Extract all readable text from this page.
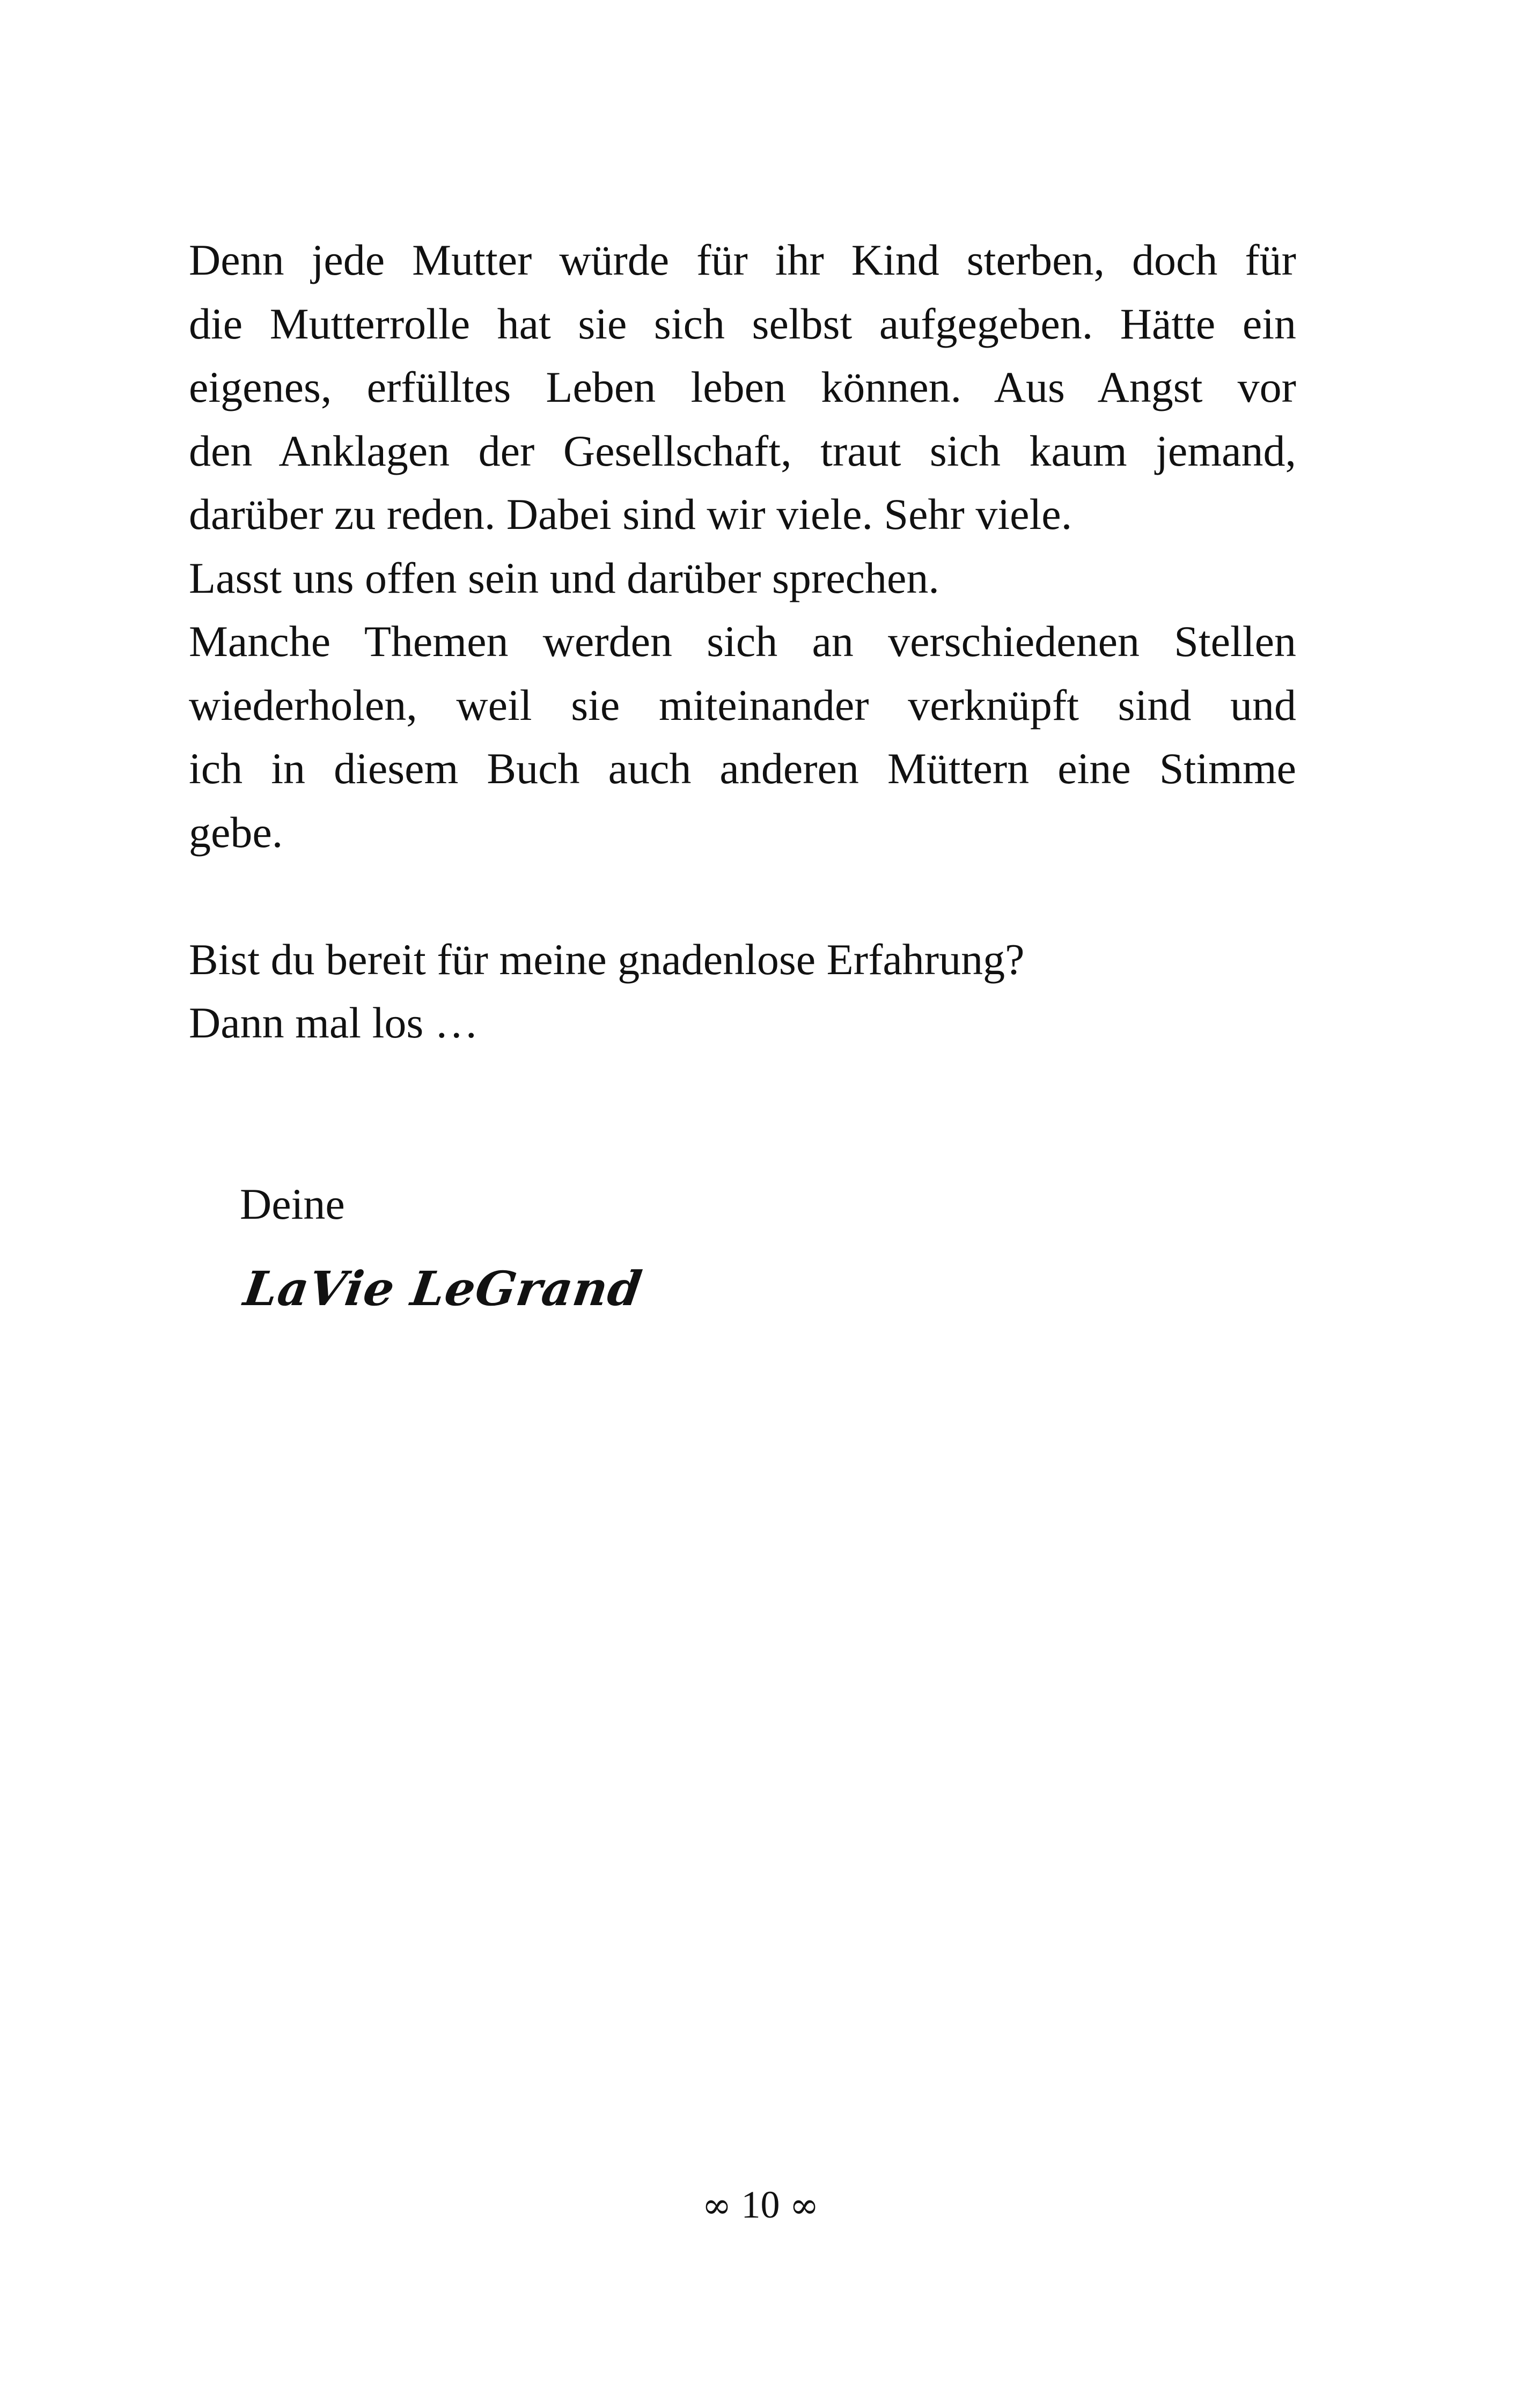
Denn jede Mutter würde für ihr Kind sterben, doch für
die Mutterrolle hat sie sich selbst aufgegeben. Hätte ein
eigenes, erfülltes Leben leben können. Aus Angst vor
den Anklagen der Gesellschaft, traut sich kaum jemand,
darüber zu reden. Dabei sind wir viele. Sehr viele.
Lasst uns offen sein und darüber sprechen.
Manche Themen werden sich an verschiedenen Stellen
wiederholen, weil sie miteinander verknüpft sind und
ich in diesem Buch auch anderen Müttern eine Stimme
gebe.
Bist du bereit für meine gnadenlose Erfahrung?
Dann mal los …
Deine
LaVie LeGrand
∞ 10 ∞
